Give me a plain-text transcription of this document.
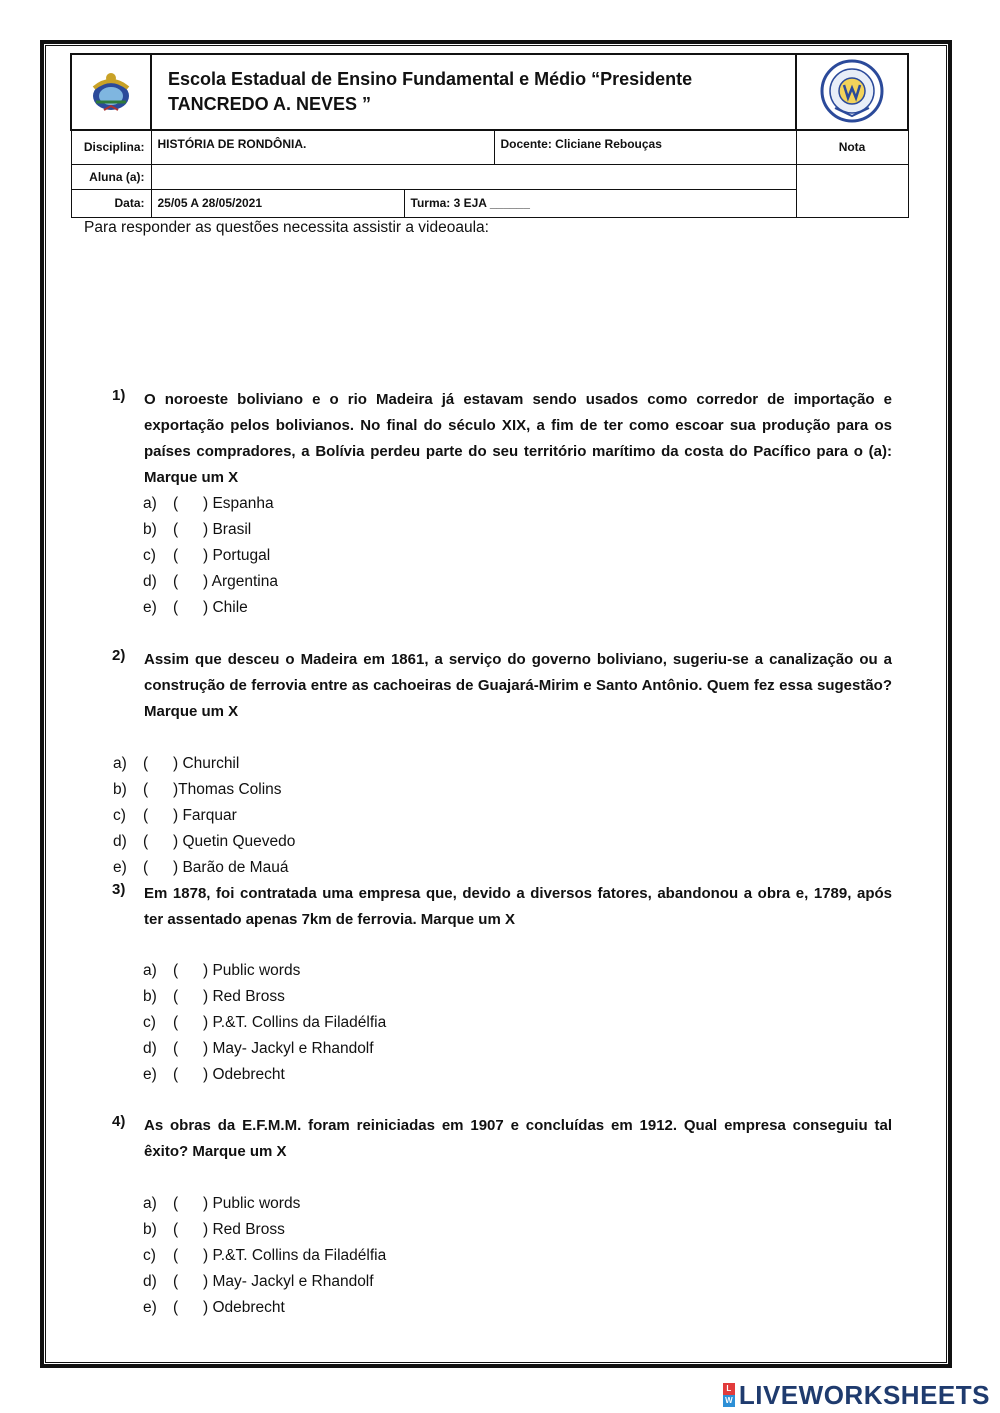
Escola Estadual de Ensino Fundamental e Médio “Presidente
TANCREDO A. NEVES ”

Disciplina:	HISTÓRIA DE RONDÔNIA.		Docente: Cliciane Rebouças	Nota
Aluna (a):				
Data:	25/05 A 28/05/2021	Turma: 3 EJA ______		
Para responder as questões necessita assistir a videoaula:
1) O noroeste boliviano e o rio Madeira já estavam sendo usados como corredor de importação e exportação pelos bolivianos. No final do século XIX, a fim de ter como escoar sua produção para os países compradores, a Bolívia perdeu parte do seu território marítimo da costa do Pacífico para o (a): Marque um X
a) ( ) Espanha
b) ( ) Brasil
c) ( ) Portugal
d) ( ) Argentina
e) ( ) Chile
2) Assim que desceu o Madeira em 1861, a serviço do governo boliviano, sugeriu-se a canalização ou a construção de ferrovia entre as cachoeiras de Guajará-Mirim e Santo Antônio. Quem fez essa sugestão? Marque um X
a) ( ) Churchil
b) ( )Thomas Colins
c) ( ) Farquar
d) ( ) Quetin Quevedo
e) ( ) Barão de Mauá
3) Em 1878, foi contratada uma empresa que, devido a diversos fatores, abandonou a obra e, 1789, após ter assentado apenas 7km de ferrovia. Marque um X
a) ( ) Public words
b) ( ) Red Bross
c) ( ) P.&T. Collins da Filadélfia
d) ( ) May- Jackyl e Rhandolf
e) ( ) Odebrecht
4) As obras da E.F.M.M. foram reiniciadas em 1907 e concluídas em 1912. Qual empresa conseguiu tal êxito? Marque um X
a) ( ) Public words
b) ( ) Red Bross
c) ( ) P.&T. Collins da Filadélfia
d) ( ) May- Jackyl e Rhandolf
e) ( ) Odebrecht
L
W LIVEWORKSHEETS
